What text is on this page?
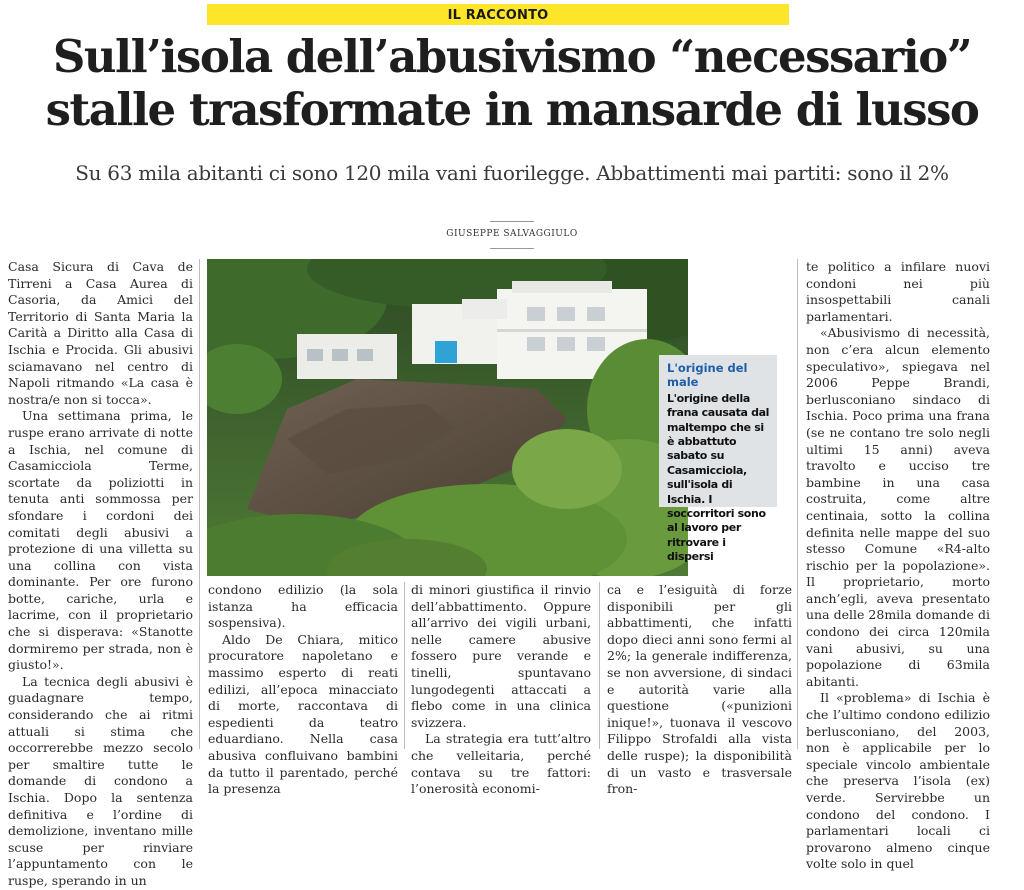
IL RACCONTO
Sull’isola dell’abusivismo “necessario”
stalle trasformate in mansarde di lusso
Su 63 mila abitanti ci sono 120 mila vani fuorilegge. Abbattimenti mai partiti: sono il 2%
GIUSEPPE SALVAGGIULO

Casa Sicura di Cava de Tirreni a Casa Aurea di Casoria, da Amici del Territorio di Santa Maria la Carità a Diritto alla Casa di Ischia e Procida. Gli abusivi sciamavano nel centro di Napoli ritmando «La casa è nostra/e non si tocca».

Una settimana prima, le ruspe erano arrivate di notte a Ischia, nel comune di Casamicciola Terme, scortate da poliziotti in tenuta anti sommossa per sfondare i cordoni dei comitati degli abusivi a protezione di una villetta su una collina con vista dominante. Per ore furono botte, cariche, urla e lacrime, con il proprietario che si disperava: «Stanotte dormiremo per strada, non è giusto!».

La tecnica degli abusivi è guadagnare tempo, considerando che ai ritmi attuali si stima che occorrerebbe mezzo secolo per smaltire tutte le domande di condono a Ischia. Dopo la sentenza definitiva e l’ordine di demolizione, inventano mille scuse per rinviare l’appuntamento con le ruspe, sperando in un

L'origine del male
L'origine della frana causata dal maltempo che si è abbattuto sabato su Casamicciola, sull'isola di Ischia. I soccorritori sono al lavoro per ritrovare i dispersi

condono edilizio (la sola istanza ha efficacia sospensiva).

Aldo De Chiara, mitico procuratore napoletano e massimo esperto di reati edilizi, all’epoca minacciato di morte, raccontava di espedienti da teatro eduardiano. Nella casa abusiva confluivano bambini da tutto il parentado, perché la presenza

di minori giustifica il rinvio dell’abbattimento. Oppure all’arrivo dei vigili urbani, nelle camere abusive fossero pure verande e tinelli, spuntavano lungodegenti attaccati a flebo come in una clinica svizzera.

La strategia era tutt’altro che velleitaria, perché contava su tre fattori: l’onerosità economi-

ca e l’esiguità di forze disponibili per gli abbattimenti, che infatti dopo dieci anni sono fermi al 2%; la generale indifferenza, se non avversione, di sindaci e autorità varie alla questione («punizioni inique!», tuonava il vescovo Filippo Strofaldi alla vista delle ruspe); la disponibilità di un vasto e trasversale fron-

te politico a infilare nuovi condoni nei più insospettabili canali parlamentari.

«Abusivismo di necessità, non c’era alcun elemento speculativo», spiegava nel 2006 Peppe Brandi, berlusconiano sindaco di Ischia. Poco prima una frana (se ne contano tre solo negli ultimi 15 anni) aveva travolto e ucciso tre bambine in una casa costruita, come altre centinaia, sotto la collina definita nelle mappe del suo stesso Comune «R4-alto rischio per la popolazione». Il proprietario, morto anch’egli, aveva presentato una delle 28mila domande di condono dei circa 120mila vani abusivi, su una popolazione di 63mila abitanti.

Il «problema» di Ischia è che l’ultimo condono edilizio berlusconiano, del 2003, non è applicabile per lo speciale vincolo ambientale che preserva l’isola (ex) verde. Servirebbe un condono del condono. I parlamentari locali ci provarono almeno cinque volte solo in quel
